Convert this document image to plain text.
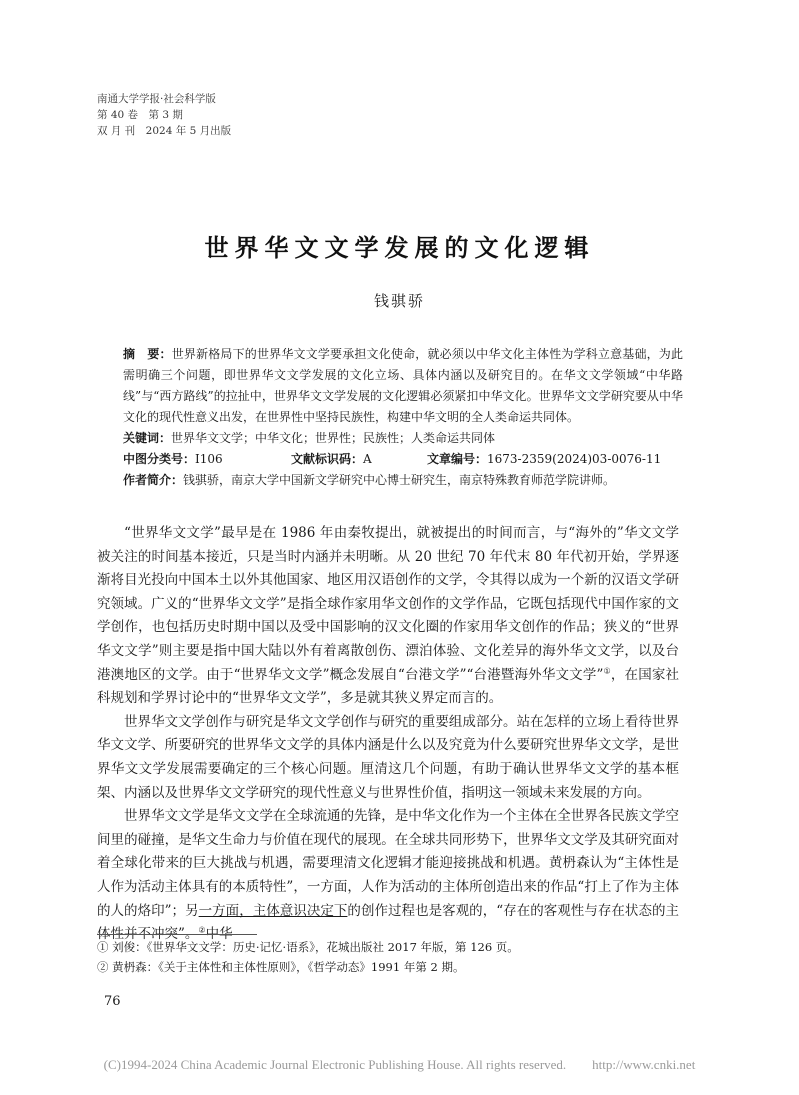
南通大学学报·社会科学版
第 40 卷　第 3 期
双 月 刊　2024 年 5 月出版
世界华文文学发展的文化逻辑
钱骐骄

摘　要：世界新格局下的世界华文文学要承担文化使命，就必须以中华文化主体性为学科立意基础，为此需明确三个问题，即世界华文文学发展的文化立场、具体内涵以及研究目的。在华文文学领域“中华路线”与“西方路线”的拉扯中，世界华文文学发展的文化逻辑必须紧扣中华文化。世界华文文学研究要从中华文化的现代性意义出发，在世界性中坚持民族性，构建中华文明的全人类命运共同体。

关键词：世界华文文学；中华文化；世界性；民族性；人类命运共同体

中图分类号：I106	文献标识码：A	文章编号：1673-2359(2024)03-0076-11

作者简介：钱骐骄，南京大学中国新文学研究中心博士研究生，南京特殊教育师范学院讲师。

“世界华文文学”最早是在 1986 年由秦牧提出，就被提出的时间而言，与“海外的”华文文学被关注的时间基本接近，只是当时内涵并未明晰。从 20 世纪 70 年代末 80 年代初开始，学界逐渐将目光投向中国本土以外其他国家、地区用汉语创作的文学，令其得以成为一个新的汉语文学研究领域。广义的“世界华文文学”是指全球作家用华文创作的文学作品，它既包括现代中国作家的文学创作，也包括历史时期中国以及受中国影响的汉文化圈的作家用华文创作的作品；狭义的“世界华文文学”则主要是指中国大陆以外有着离散创伤、漂泊体验、文化差异的海外华文文学，以及台港澳地区的文学。由于“世界华文文学”概念发展自“台港文学”“台港暨海外华文文学”①，在国家社科规划和学界讨论中的“世界华文文学”，多是就其狭义界定而言的。

世界华文文学创作与研究是华文文学创作与研究的重要组成部分。站在怎样的立场上看待世界华文文学、所要研究的世界华文文学的具体内涵是什么以及究竟为什么要研究世界华文文学，是世界华文文学发展需要确定的三个核心问题。厘清这几个问题，有助于确认世界华文文学的基本框架、内涵以及世界华文文学研究的现代性意义与世界性价值，指明这一领域未来发展的方向。

世界华文文学是华文文学在全球流通的先锋，是中华文化作为一个主体在全世界各民族文学空间里的碰撞，是华文生命力与价值在现代的展现。在全球共同形势下，世界华文文学及其研究面对着全球化带来的巨大挑战与机遇，需要理清文化逻辑才能迎接挑战和机遇。黄枬森认为“主体性是人作为活动主体具有的本质特性”，一方面，人作为活动的主体所创造出来的作品“打上了作为主体的人的烙印”；另一方面，主体意识决定下的创作过程也是客观的，“存在的客观性与存在状态的主体性并不冲突”。②中华

① 刘俊：《世界华文文学：历史·记忆·语系》，花城出版社 2017 年版，第 126 页。
② 黄枬森：《关于主体性和主体性原则》，《哲学动态》1991 年第 2 期。
76
(C)1994-2024 China Academic Journal Electronic Publishing House. All rights reserved.　　http://www.cnki.net
